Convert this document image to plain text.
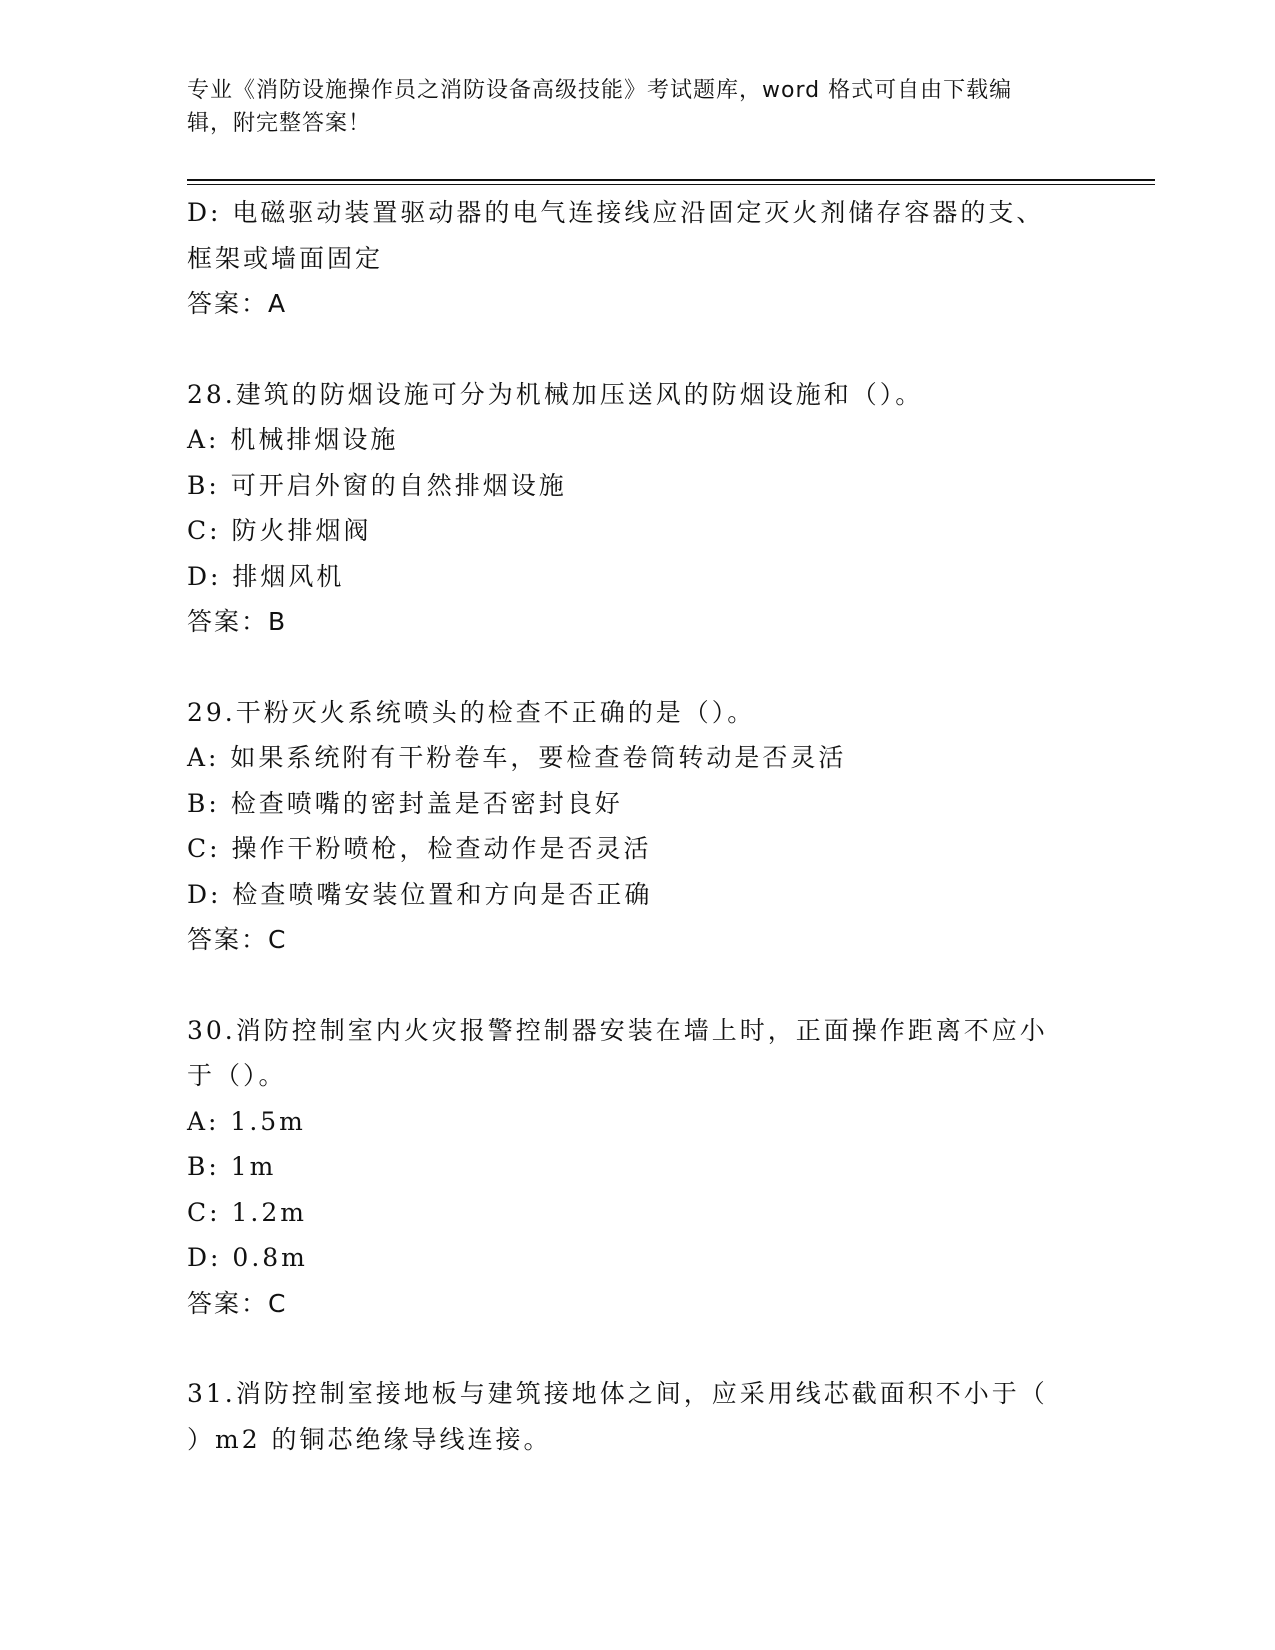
专业《消防设施操作员之消防设备高级技能》考试题库，word 格式可自由下载编
辑，附完整答案！
D: 电磁驱动装置驱动器的电气连接线应沿固定灭火剂储存容器的支、
框架或墙面固定
答案：A
28.建筑的防烟设施可分为机械加压送风的防烟设施和（）。
A: 机械排烟设施
B: 可开启外窗的自然排烟设施
C: 防火排烟阀
D: 排烟风机
答案：B
29.干粉灭火系统喷头的检查不正确的是（）。
A: 如果系统附有干粉卷车，要检查卷筒转动是否灵活
B: 检查喷嘴的密封盖是否密封良好
C: 操作干粉喷枪，检查动作是否灵活
D: 检查喷嘴安装位置和方向是否正确
答案：C
30.消防控制室内火灾报警控制器安装在墙上时，正面操作距离不应小
于（）。
A: 1.5m
B: 1m
C: 1.2m
D: 0.8m
答案：C
31.消防控制室接地板与建筑接地体之间，应采用线芯截面积不小于（
）m2 的铜芯绝缘导线连接。
